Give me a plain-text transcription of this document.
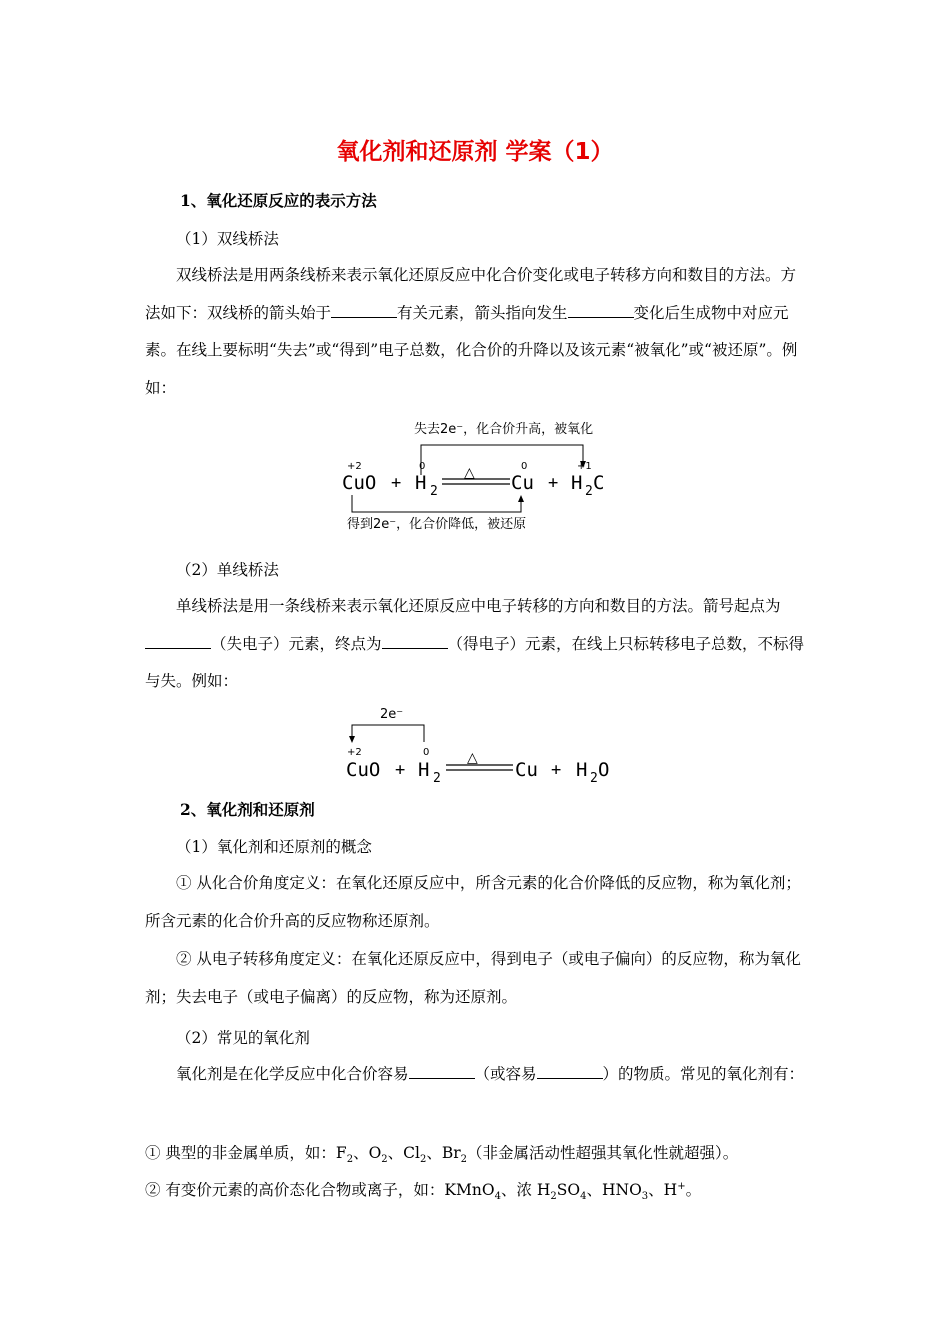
氧化剂和还原剂 学案（1）
1、氧化还原反应的表示方法
（1）双线桥法
双线桥法是用两条线桥来表示氧化还原反应中化合价变化或电子转移方向和数目的方法。方法如下：双线桥的箭头始于	有关元素，箭头指向发生	变化后生成物中对应元素。在线上要标明“失去”或“得到”电子总数，化合价的升降以及该元素“被氧化”或“被还原”。例如：
失去2e⁻，化合价升高，被氧化
+2	0	0	+1
CuO + H 2
△ Cu + H 2 C
得到2e⁻，化合价降低，被还原
（2）单线桥法
单线桥法是用一条线桥来表示氧化还原反应中电子转移的方向和数目的方法。箭号起点为（失电子）元素，终点为	（得电子）元素，在线上只标转移电子总数，不标得与失。例如：
2e⁻
+2	0
CuO + H 2
△
Cu + H 2 O
2、氧化剂和还原剂
（1）氧化剂和还原剂的概念
① 从化合价角度定义：在氧化还原反应中，所含元素的化合价降低的反应物，称为氧化剂；所含元素的化合价升高的反应物称还原剂。
② 从电子转移角度定义：在氧化还原反应中，得到电子（或电子偏向）的反应物，称为氧化剂；失去电子（或电子偏离）的反应物，称为还原剂。
（2）常见的氧化剂
氧化剂是在化学反应中化合价容易	（或容易	）的物质。常见的氧化剂有：
① 典型的非金属单质，如：$F_2$、$O_2$、$Cl_2$、$Br_2$（非金属活动性超强其氧化性就超强）。
② 有变价元素的高价态化合物或离子，如：KMnO$_4$、浓 $H_2SO_4$、$HNO_3$、H+。
